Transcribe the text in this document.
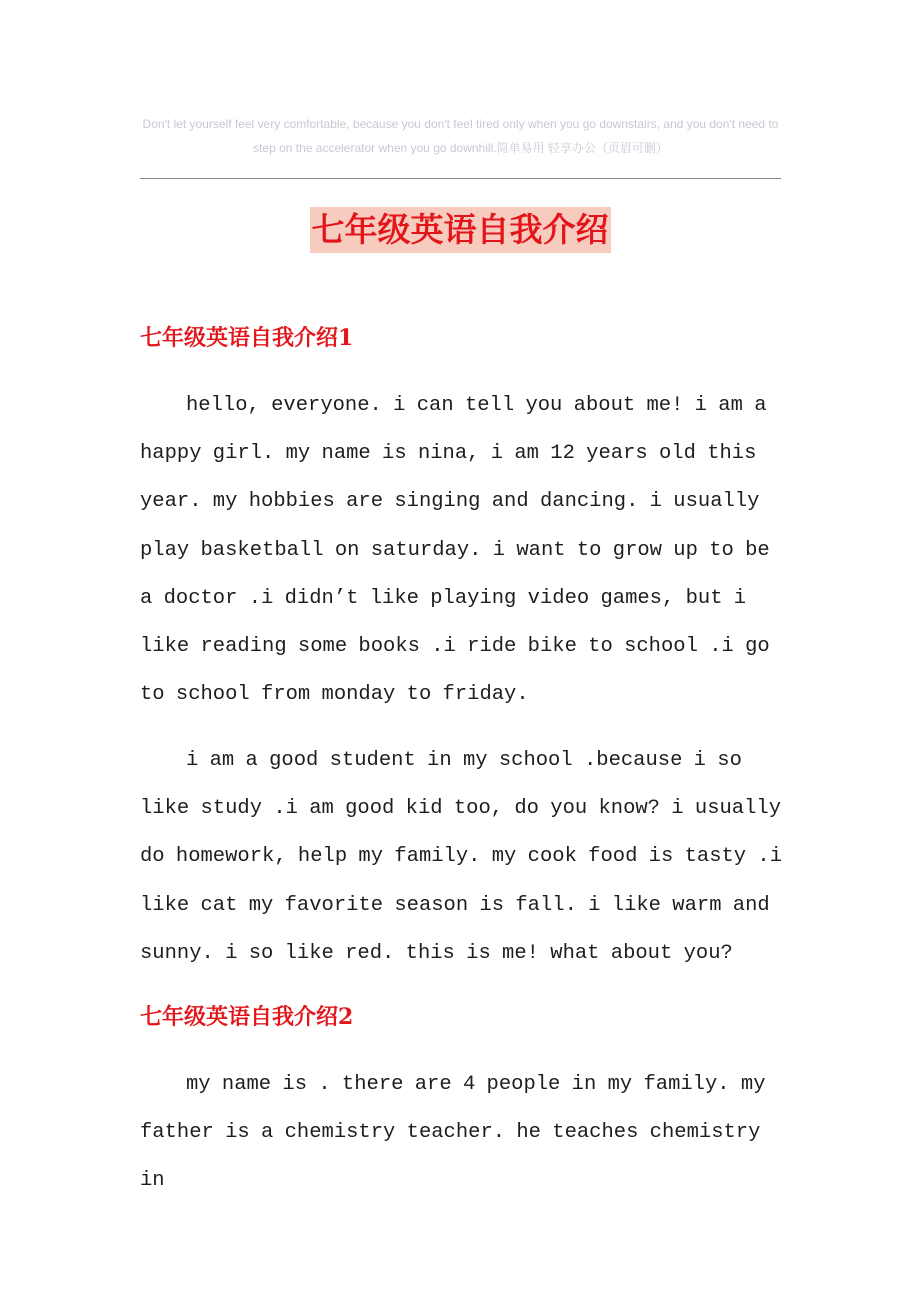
Don't let yourself feel very comfortable, because you don't feel tired only when you go downstairs, and you don't need to step on the accelerator when you go downhill.简单易用 轻享办公（页眉可删）
七年级英语自我介绍
七年级英语自我介绍1

hello, everyone. i can tell you about me! i am a happy girl. my name is nina, i am 12 years old this year. my hobbies are singing and dancing. i usually play basketball on saturday. i want to grow up to be a doctor .i didn’t like playing video games, but i like reading some books .i ride bike to school .i go to school from monday to friday.

i am a good student in my school .because i so like study .i am good kid too, do you know? i usually do homework, help my family. my cook food is tasty .i like cat my favorite season is fall. i like warm and sunny. i so like red. this is me! what about you?

七年级英语自我介绍2

my name is . there are 4 people in my family. my father is a chemistry teacher. he teaches chemistry in
